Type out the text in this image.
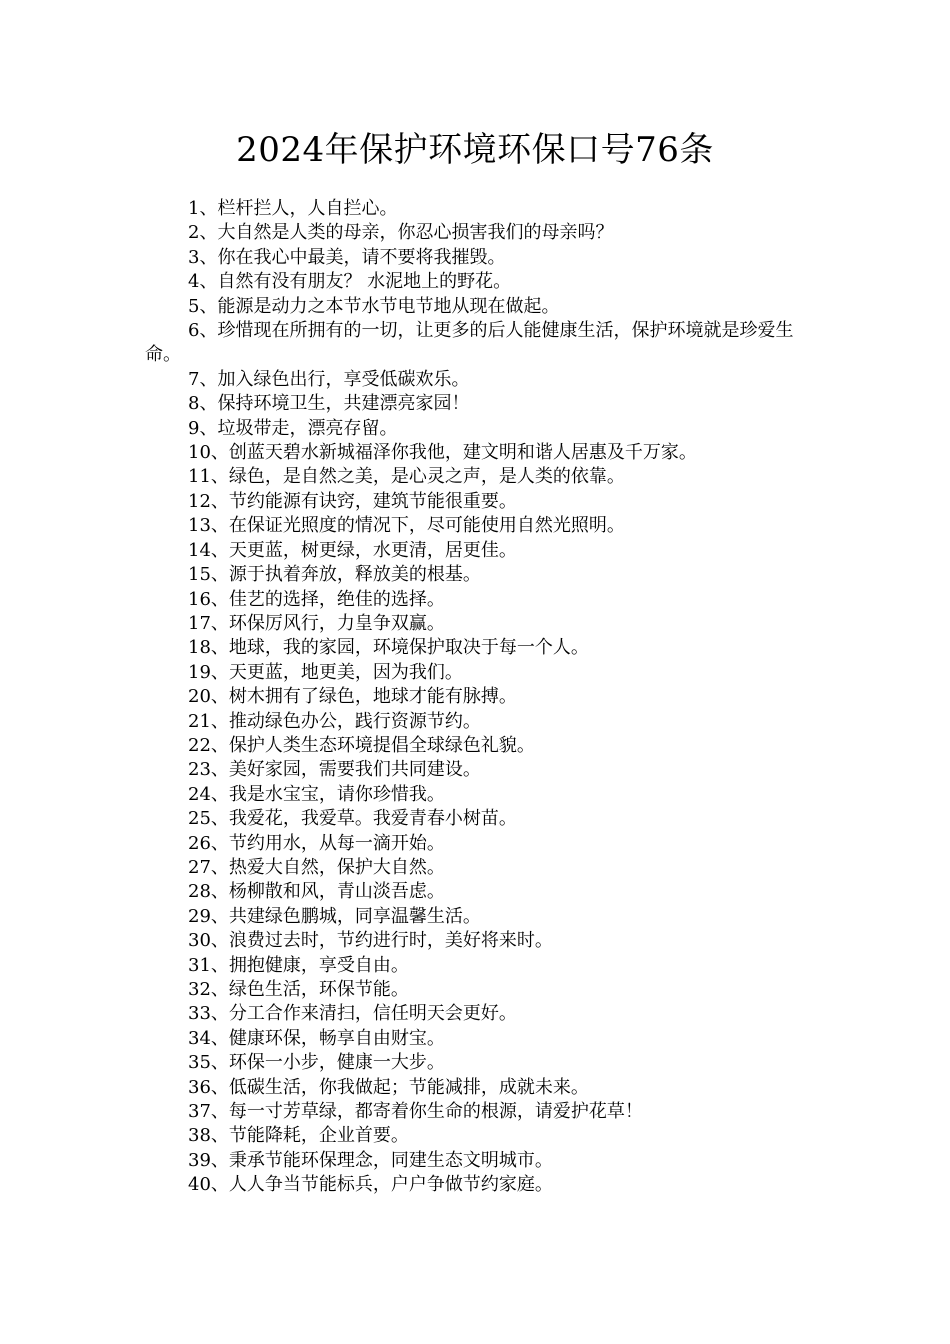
2024年保护环境环保口号76条
1、栏杆拦人，人自拦心。
2、大自然是人类的母亲，你忍心损害我们的母亲吗？
3、你在我心中最美，请不要将我摧毁。
4、自然有没有朋友？ 水泥地上的野花。
5、能源是动力之本节水节电节地从现在做起。
6、珍惜现在所拥有的一切，让更多的后人能健康生活，保护环境就是珍爱生命。
7、加入绿色出行，享受低碳欢乐。
8、保持环境卫生，共建漂亮家园！
9、垃圾带走，漂亮存留。
10、创蓝天碧水新城福泽你我他，建文明和谐人居惠及千万家。
11、绿色，是自然之美，是心灵之声，是人类的依靠。
12、节约能源有诀窍，建筑节能很重要。
13、在保证光照度的情况下，尽可能使用自然光照明。
14、天更蓝，树更绿，水更清，居更佳。
15、源于执着奔放，释放美的根基。
16、佳艺的选择，绝佳的选择。
17、环保厉风行，力皇争双赢。
18、地球，我的家园，环境保护取决于每一个人。
19、天更蓝，地更美，因为我们。
20、树木拥有了绿色，地球才能有脉搏。
21、推动绿色办公，践行资源节约。
22、保护人类生态环境提倡全球绿色礼貌。
23、美好家园，需要我们共同建设。
24、我是水宝宝，请你珍惜我。
25、我爱花，我爱草。我爱青春小树苗。
26、节约用水，从每一滴开始。
27、热爱大自然，保护大自然。
28、杨柳散和风，青山淡吾虑。
29、共建绿色鹏城，同享温馨生活。
30、浪费过去时，节约进行时，美好将来时。
31、拥抱健康，享受自由。
32、绿色生活，环保节能。
33、分工合作来清扫，信任明天会更好。
34、健康环保，畅享自由财宝。
35、环保一小步，健康一大步。
36、低碳生活，你我做起；节能减排，成就未来。
37、每一寸芳草绿，都寄着你生命的根源，请爱护花草！
38、节能降耗，企业首要。
39、秉承节能环保理念，同建生态文明城市。
40、人人争当节能标兵，户户争做节约家庭。
